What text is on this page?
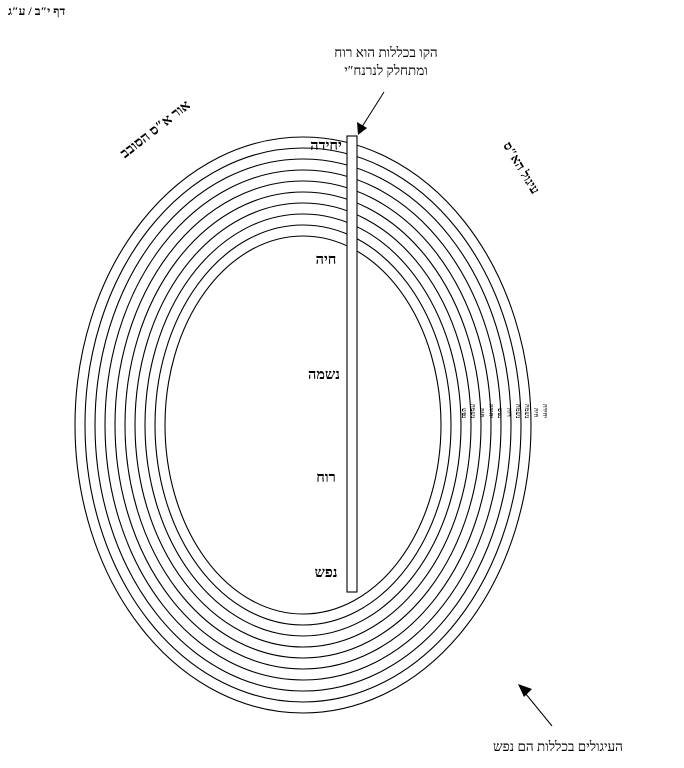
דף י″ב / ע″ג
הקו בכללות הוא רוח
ומתחלק לנרנח″י
העיגולים בכללות הם נפש
אור א″ס הסובב
עיגול הא″ס
יחידה
חיה
נשמה
רוח
נפש
יחידה
חיה
נשמה
נשמה
רוח
נפש
יחידה
חיה
נשמה
נפש
